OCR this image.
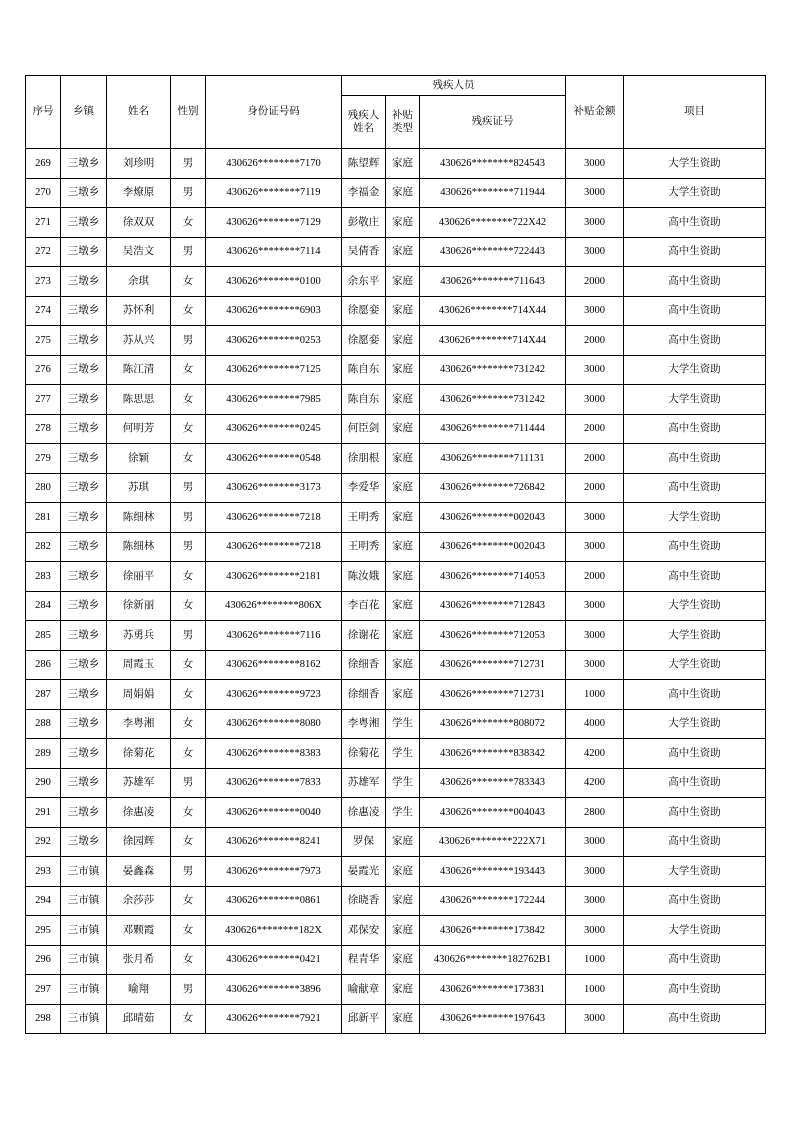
序号	乡镇	姓名	性别	身份证号码	残疾人员			补贴金额	项目
					残疾人姓名	补贴类型	残疾证号		
269	三墩乡	刘珍明	男	430626********7170	陈望辉	家庭	430626********824543	3000	大学生资助
270	三墩乡	李燎原	男	430626********7119	李福金	家庭	430626********711944	3000	大学生资助
271	三墩乡	徐双双	女	430626********7129	彭敬庄	家庭	430626********722X42	3000	高中生资助
272	三墩乡	吴浩文	男	430626********7114	吴倩香	家庭	430626********722443	3000	高中生资助
273	三墩乡	余琪	女	430626********0100	余东平	家庭	430626********711643	2000	高中生资助
274	三墩乡	苏怀利	女	430626********6903	徐愿娈	家庭	430626********714X44	3000	高中生资助
275	三墩乡	苏从兴	男	430626********0253	徐愿娈	家庭	430626********714X44	2000	高中生资助
276	三墩乡	陈江清	女	430626********7125	陈自东	家庭	430626********731242	3000	大学生资助
277	三墩乡	陈思思	女	430626********7985	陈自东	家庭	430626********731242	3000	大学生资助
278	三墩乡	何明芳	女	430626********0245	何臣剑	家庭	430626********711444	2000	高中生资助
279	三墩乡	徐颖	女	430626********0548	徐朋根	家庭	430626********711131	2000	高中生资助
280	三墩乡	苏琪	男	430626********3173	李爱华	家庭	430626********726842	2000	高中生资助
281	三墩乡	陈细林	男	430626********7218	王明秀	家庭	430626********002043	3000	大学生资助
282	三墩乡	陈细林	男	430626********7218	王明秀	家庭	430626********002043	3000	高中生资助
283	三墩乡	徐丽平	女	430626********2181	陈汝娥	家庭	430626********714053	2000	高中生资助
284	三墩乡	徐新丽	女	430626********806X	李百花	家庭	430626********712843	3000	大学生资助
285	三墩乡	苏勇兵	男	430626********7116	徐谢花	家庭	430626********712053	3000	大学生资助
286	三墩乡	周霞玉	女	430626********8162	徐细香	家庭	430626********712731	3000	大学生资助
287	三墩乡	周娟娟	女	430626********9723	徐细香	家庭	430626********712731	1000	高中生资助
288	三墩乡	李粤湘	女	430626********8080	李粤湘	学生	430626********808072	4000	大学生资助
289	三墩乡	徐菊花	女	430626********8383	徐菊花	学生	430626********838342	4200	高中生资助
290	三墩乡	苏雄军	男	430626********7833	苏雄军	学生	430626********783343	4200	高中生资助
291	三墩乡	徐惠凌	女	430626********0040	徐惠凌	学生	430626********004043	2800	高中生资助
292	三墩乡	徐园辉	女	430626********8241	罗保	家庭	430626********222X71	3000	高中生资助
293	三市镇	晏鑫森	男	430626********7973	晏霞光	家庭	430626********193443	3000	大学生资助
294	三市镇	余莎莎	女	430626********0861	徐晓香	家庭	430626********172244	3000	高中生资助
295	三市镇	邓颗霞	女	430626********182X	邓保安	家庭	430626********173842	3000	大学生资助
296	三市镇	张月希	女	430626********0421	程青华	家庭	430626********182762B1	1000	高中生资助
297	三市镇	喻翔	男	430626********3896	喻献章	家庭	430626********173831	1000	高中生资助
298	三市镇	邱晴茹	女	430626********7921	邱新平	家庭	430626********197643	3000	高中生资助
